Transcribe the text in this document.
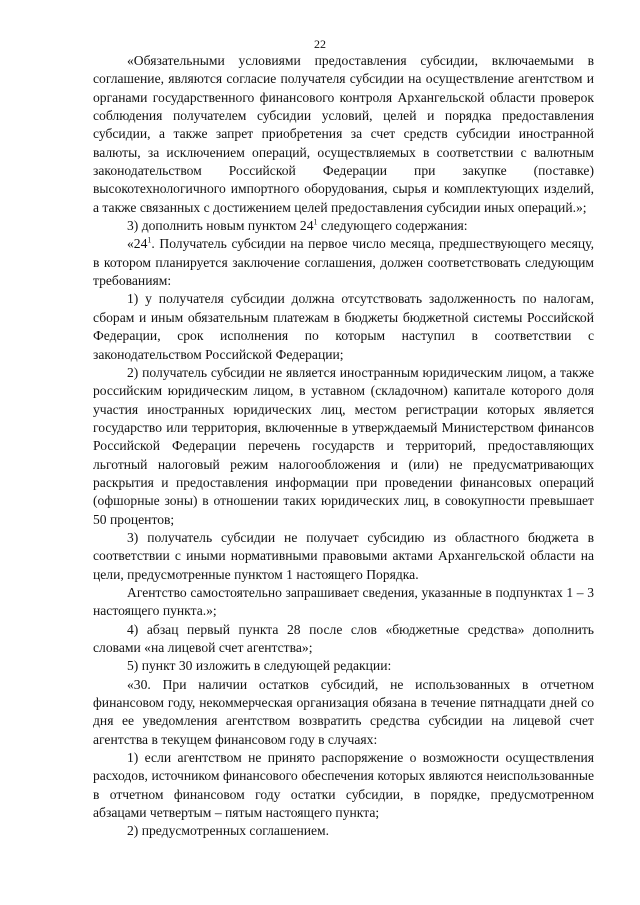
22

«Обязательными условиями предоставления субсидии, включаемыми в соглашение, являются согласие получателя субсидии на осуществление агентством и органами государственного финансового контроля Архангельской области проверок соблюдения получателем субсидии условий, целей и порядка предоставления субсидии, а также запрет приобретения за счет средств субсидии иностранной валюты, за исключением операций, осуществляемых в соответствии с валютным законодательством Российской Федерации при закупке (поставке) высокотехнологичного импортного оборудования, сырья и комплектующих изделий, а также связанных с достижением целей предоставления субсидии иных операций.»;

3) дополнить новым пунктом $24^1$ следующего содержания:

«$24^1$. Получатель субсидии на первое число месяца, предшествующего месяцу, в котором планируется заключение соглашения, должен соответствовать следующим требованиям:

1) у получателя субсидии должна отсутствовать задолженность по налогам, сборам и иным обязательным платежам в бюджеты бюджетной системы Российской Федерации, срок исполнения по которым наступил в соответствии с законодательством Российской Федерации;

2) получатель субсидии не является иностранным юридическим лицом, а также российским юридическим лицом, в уставном (складочном) капитале которого доля участия иностранных юридических лиц, местом регистрации которых является государство или территория, включенные в утверждаемый Министерством финансов Российской Федерации перечень государств и территорий, предоставляющих льготный налоговый режим налогообложения и (или) не предусматривающих раскрытия и предоставления информации при проведении финансовых операций (офшорные зоны) в отношении таких юридических лиц, в совокупности превышает 50 процентов;

3) получатель субсидии не получает субсидию из областного бюджета в соответствии с иными нормативными правовыми актами Архангельской области на цели, предусмотренные пунктом 1 настоящего Порядка.

Агентство самостоятельно запрашивает сведения, указанные в подпунктах 1 – 3 настоящего пункта.»;

4) абзац первый пункта 28 после слов «бюджетные средства» дополнить словами «на лицевой счет агентства»;

5) пункт 30 изложить в следующей редакции:

«30. При наличии остатков субсидий, не использованных в отчетном финансовом году, некоммерческая организация обязана в течение пятнадцати дней со дня ее уведомления агентством возвратить средства субсидии на лицевой счет агентства в текущем финансовом году в случаях:

1) если агентством не принято распоряжение о возможности осуществления расходов, источником финансового обеспечения которых являются неиспользованные в отчетном финансовом году остатки субсидии, в порядке, предусмотренном абзацами четвертым – пятым настоящего пункта;

2) предусмотренных соглашением.
